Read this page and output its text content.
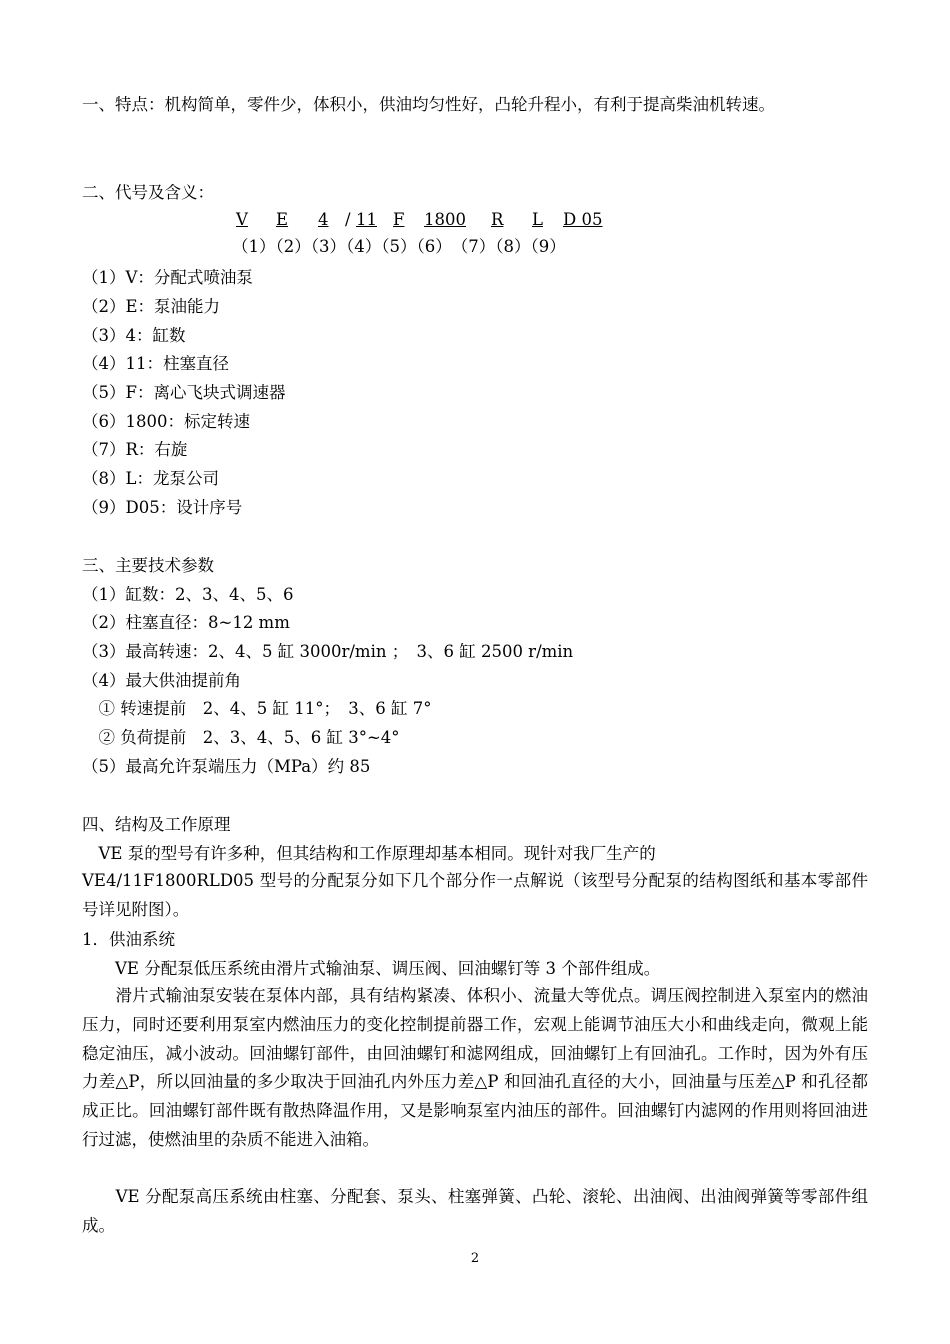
一、特点：机构简单，零件少，体积小，供油均匀性好，凸轮升程小，有利于提高柴油机转速。
二、代号及含义：
V E 4 / 11 F 1800 R L D 05
（1）（2）（3）（4）（5）（6）　（7）（8）（9）
（1）V：分配式喷油泵
（2）E：泵油能力
（3）4：缸数
（4）11：柱塞直径
（5）F：离心飞块式调速器
（6）1800：标定转速
（7）R：右旋
（8）L：龙泵公司
（9）D05：设计序号
三、主要技术参数
（1）缸数：2、3、4、5、6
（2）柱塞直径：8~12 mm
（3）最高转速：2、4、5 缸 3000r/min ；　3、6 缸 2500 r/min
（4）最大供油提前角
　① 转速提前　2、4、5 缸 11°；　3、6 缸 7°
　② 负荷提前　2、3、4、5、6 缸 3°~4°
（5）最高允许泵端压力（MPa）约 85
四、结构及工作原理
　VE 泵的型号有许多种，但其结构和工作原理却基本相同。现针对我厂生产的
VE4/11F1800RLD05 型号的分配泵分如下几个部分作一点解说（该型号分配泵的结构图纸和基本零部件号详见附图）。
1．供油系统
　　VE 分配泵低压系统由滑片式输油泵、调压阀、回油螺钉等 3 个部件组成。
　　滑片式输油泵安装在泵体内部，具有结构紧凑、体积小、流量大等优点。调压阀控制进入泵室内的燃油压力，同时还要利用泵室内燃油压力的变化控制提前器工作，宏观上能调节油压大小和曲线走向，微观上能稳定油压，减小波动。回油螺钉部件，由回油螺钉和滤网组成，回油螺钉上有回油孔。工作时，因为外有压力差△P，所以回油量的多少取决于回油孔内外压力差△P 和回油孔直径的大小，回油量与压差△P 和孔径都成正比。回油螺钉部件既有散热降温作用，又是影响泵室内油压的部件。回油螺钉内滤网的作用则将回油进行过滤，使燃油里的杂质不能进入油箱。
　　VE 分配泵高压系统由柱塞、分配套、泵头、柱塞弹簧、凸轮、滚轮、出油阀、出油阀弹簧等零部件组成。
2
